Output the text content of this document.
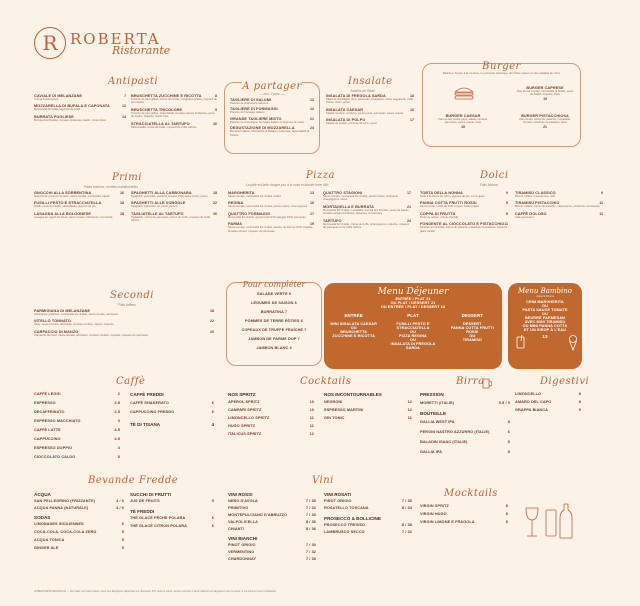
R ROBERTA
Ristorante
Antipasti
CAVIALE DI MELANZANE
Crema d'aubergines
7
MOZZARELLA DI BUFALA E CAPONATA
Mozzarella di bufala, légumes du soleil
12
BURRATA PUGLIESE
Burrata des Pouilles, tomates fondantes, basilic, huile d'olive
14
BRUSCHETTA ZUCCHINE E RICOTTA
Tranche de pain grillée, crème de ricotta, courgettes grillées, pignons de pin toastés
8
BRUSCHETTA TRICOLORE
Tranche de pain grillée, stracciatella, tomates cerises fondantes, pesto de basilic, roquette, basilic frais
9
STRACCIATELLA AL TARTUFO
Stracciatella, crème de truffe, copeaux de truffe fraîche
16
A partager
— min. 2 pers. —
TAGLIERE DI SALUMI
Planche de charcuterie italienne
12
TAGLIERE DI FORMAGGI
Planche de fromages italiens
12
GRANDE TAGLIERE MISTO
Planche de charcuterie, fromages italiens et légumes du soleil
21
DEGUSTAZIONE DI MOZZARELLA
Burrata Pugliese, Mozzarella di Bufala e Caponata, Stracciatella al Tartufo
24
Insalate
Salades de l'Italie
INSALATA DI FREGOLA SARDA
Pâtes de Sardaigne, thon, parmesan, courgettes, olives taggiasche, huile d'olive, citron, persil
18
INSALATA CAESAR
Salade romaine, croûtons, poulet pané, parmesan, sauce caesar
16
INSALATA DI POLPO
Salade de poulpe, pommes de terre, persil
17
Burger
Délicieux burger à la romaine, le paninetto classique, des frites maison et des salades au choix
BURGER CAESAR
Pain au lait, poulet pané, salade romaine, parmesan, sauce caesar, frites
19
BURGER CAPRESE
Pain au lait, tomate, mozzarella di bufala, pesto de basilic, roquette, frites
19
BURGER PISTACCHIOSA
Pain au lait, crème de pistache, mortadelle, burrata, pistaches concassées, frites
21
Primi
Pâtes fraîches, recettes traditionnelles
GNOCCHI ALLA SORRENTINA
Gnocchi de pommes de terre, sauce tomate, mozzarella, basilic
16
FUSILLI PESTO E STRACCIATELLA
Fusilli, pesto de basilic, stracciatella, pignons de pin
18
LASAGNA ALLA BOLOGNESE
Lasagne au ragoût de bœuf, sauce tomate, béchamel, mozzarella
18
SPAGHETTI ALLA CARBONARA
Spaghetti, guanciale, pecorino romano DOP, jaune d'œuf, poivre
18
SPAGHETTI ALLE VONGOLE
Spaghetti, palourdes, ail, persil, piment
22
TAGLIATELLE AL TARTUFO
Tagliatelle, crème de parmesan, crème de truffe, copeaux de truffe fraîche
26
Pizza
La pâte est faite chaque jour à la main et laissée lever 48h
MARGHERITA
Sauce tomate, mozzarella fior di latte, basilic
13
REGINA
Sauce tomate, mozzarella fior di latte, jambon blanc, champignons
16
QUATTRO FORMAGGI
Mozzarella fior di latte, gorgonzola DOP, taleggio DOP, parmesan
17
PARMA
Sauce tomate, mozzarella fior di latte, jambon de Parme DOP, roquette, tomates cerises, copeaux de parmesan
19
QUATTRO STAGIONI
Sauce tomate, mozzarella fior di latte, jambon blanc, artichauts, champignons, olives
17
MORTADELLA E BURRATA
Mozzarella fior di latte, mortadelle, burrata des Pouilles, pesto de basilic, tomates cerises fondantes, pistaches concassées
21
TARTUFO
Mozzarella fior di latte, crème de truffe, champignons, roquette, copeaux de parmesan et de truffe fraîche
24
Dolci
Faits Maison
TORTA DELLA NONNA
Tarte à la crème de citron, pignons de pin, sucre glace
9
PANNA COTTA FRUTTI ROSSI
Panna Cotta, coulis de fruits rouges, fruits rouges
9
COPPA DI FRUTTA
Fruits de saison, crème chantilly
9
FONDENTE AL CIOCCOLATO E PISTACCHIO
Fondant au chocolat, crème de pistache, pistaches concassées, boule de glace vanille
11
TIRAMISÙ CLASSICO
Biscuit cuillère, mascarpone, café
9
TIRAMISÙ PISTACCHIO
Biscuit cuillère, crème de pistache, mascarpone, pistaches concassées
11
CAFFÈ GOLOSO
Café gourmand
11
Secondi
Plats italiens
PARMIGIANA DI MELANZANE
Aubergines gratinées, mozzarella fior di latte, sauce tomate, parmesan
18
VITELLO TONNATO
Veau, sauce tonnato, artichauts, tomates confites, câpres, roquette
22
CARPACCIO DI MANZO
Carpaccio de bœuf, sauce lipicata, artichauts, tomates confites, roquette, copeaux de parmesan
20
Pour compléter
SALADE VERTE 5
LÉGUMES DE SAISON 6
BURRATINA 7
POMMES DE TERRE RÔTIES 6
COPEAUX DE TRUFFE FRAÎCHE 7
JAMBON DE PARME DOP 7
JAMBON BLANC 4
Menu Déjeuner
ENTRÉE / PLAT 21
OU PLAT / DESSERT 21
OU ENTRÉE / PLAT / DESSERT 24
ENTRÉE
MINI INSALATA CAESAR
OU
BRUSCHETTA
ZUCCHINE E RICOTTA
PLAT
FUSILLI PESTO E
STRACCIATELLA
OU
PIZZA REGINA
OU
INSALATA DI FREGOLA
SARDA
DESSERT
DESSERT
PANNA COTTA FRUTTI
ROSSI
OU
TIRAMISÙ
Menu Bambino
Jusqu'à 10 ans
CRIM MARGHERITA
OU
PASTA SAUCE TOMATE
OU
BEURRE PARMESAN
AVEC MINI TIRAMISÙ
OU MINI PANNA COTTA
ET UN SIROP À L'EAU
13
Caffè
CAFFÈ LEGGI	2
ESPRESSO	2.5
DECAFFEINATO	2.5
ESPRESSO MACCHIATO	3
CAFFÈ LATTE	4.5
CAPPUCCINO	4.5
ESPRESSO DOPPIO	4
CIOCCOLATO CALDO	5
CAFFÈ FREDDI
CAFFÈ SHAKERATO	6
CAPPUCCINO FREDDO	6
TÈ DI TISANA	4
Cocktails
NOS SPRITZ
APEROL SPRITZ	10
CAMPARI SPRITZ	10
LIMONCELLO SPRITZ	11
HUGO SPRITZ	11
ITALICUS SPRITZ	12
NOS INCONTOURNABLES
NEGRONI	12
ESPRESSO MARTINI	12
GIN TONIC	11
Birra
PRESSION
MORETTI (ITALIE)	5.5 / 9
BOUTEILLE
GALLIA WEST IPA	8
PERONI NASTRO AZZURRO (ITALIE)	6
BALADIN ISAAC (ITALIE)	8
GALLIA IPA	8
Digestivi
LIMONCELLO	8
AMARO DEL CAPO	8
GRAPPA BIANCA	9
Bevande Fredde
ACQUA
SAN PELLEGRINO (FRIZZANTE)	4 / 6
ACQUA PANNA (NATURALE)	4 / 6
SODAS
LIMONADES SICILIENNES	6
COCA-COLA, COCA-COLA ZERO	5
ACQUA TONICA	5
GINGER ALE	5
SUCCHI DI FRUTTI
JUS DE FRUITS	5
TÈ FREDDI
THÉ GLACÉ PÊCHE POLARA	6
THÉ GLACÉ CITRON POLARA	6
Vini
VINI ROSSI
NERO D'AVOLA	7 / 30
PRIMITIVO	7 / 32
MONTEPULCIANO D'ABRUZZO	7 / 30
VALPOLICELLA	8 / 36
CHIANTI	8 / 36
VINI BIANCHI
PINOT GRIGIO	7 / 30
VERMENTINO	7 / 32
CHARDONNAY	7 / 30
VINI ROSATI
PINOT GRIGIO	7 / 30
ROSATELLO TOSCANA	8 / 34
PROSECCO & BOLLICINE
PROSECCO TREVISO	8 / 38
LAMBRUSCO SECCO	7 / 32
Mocktails
VIRGIN SPRITZ	8
VIRGIN HUGO	8
VIRGIN LIMONE E FRAGOLA	8
ROBERTARISTORANTE.FR — Nos plats sont faits maison. Liste des allergènes disponible sur demande. Prix nets en euros, service compris. L'abus d'alcool est dangereux pour la santé, à consommer avec modération.
